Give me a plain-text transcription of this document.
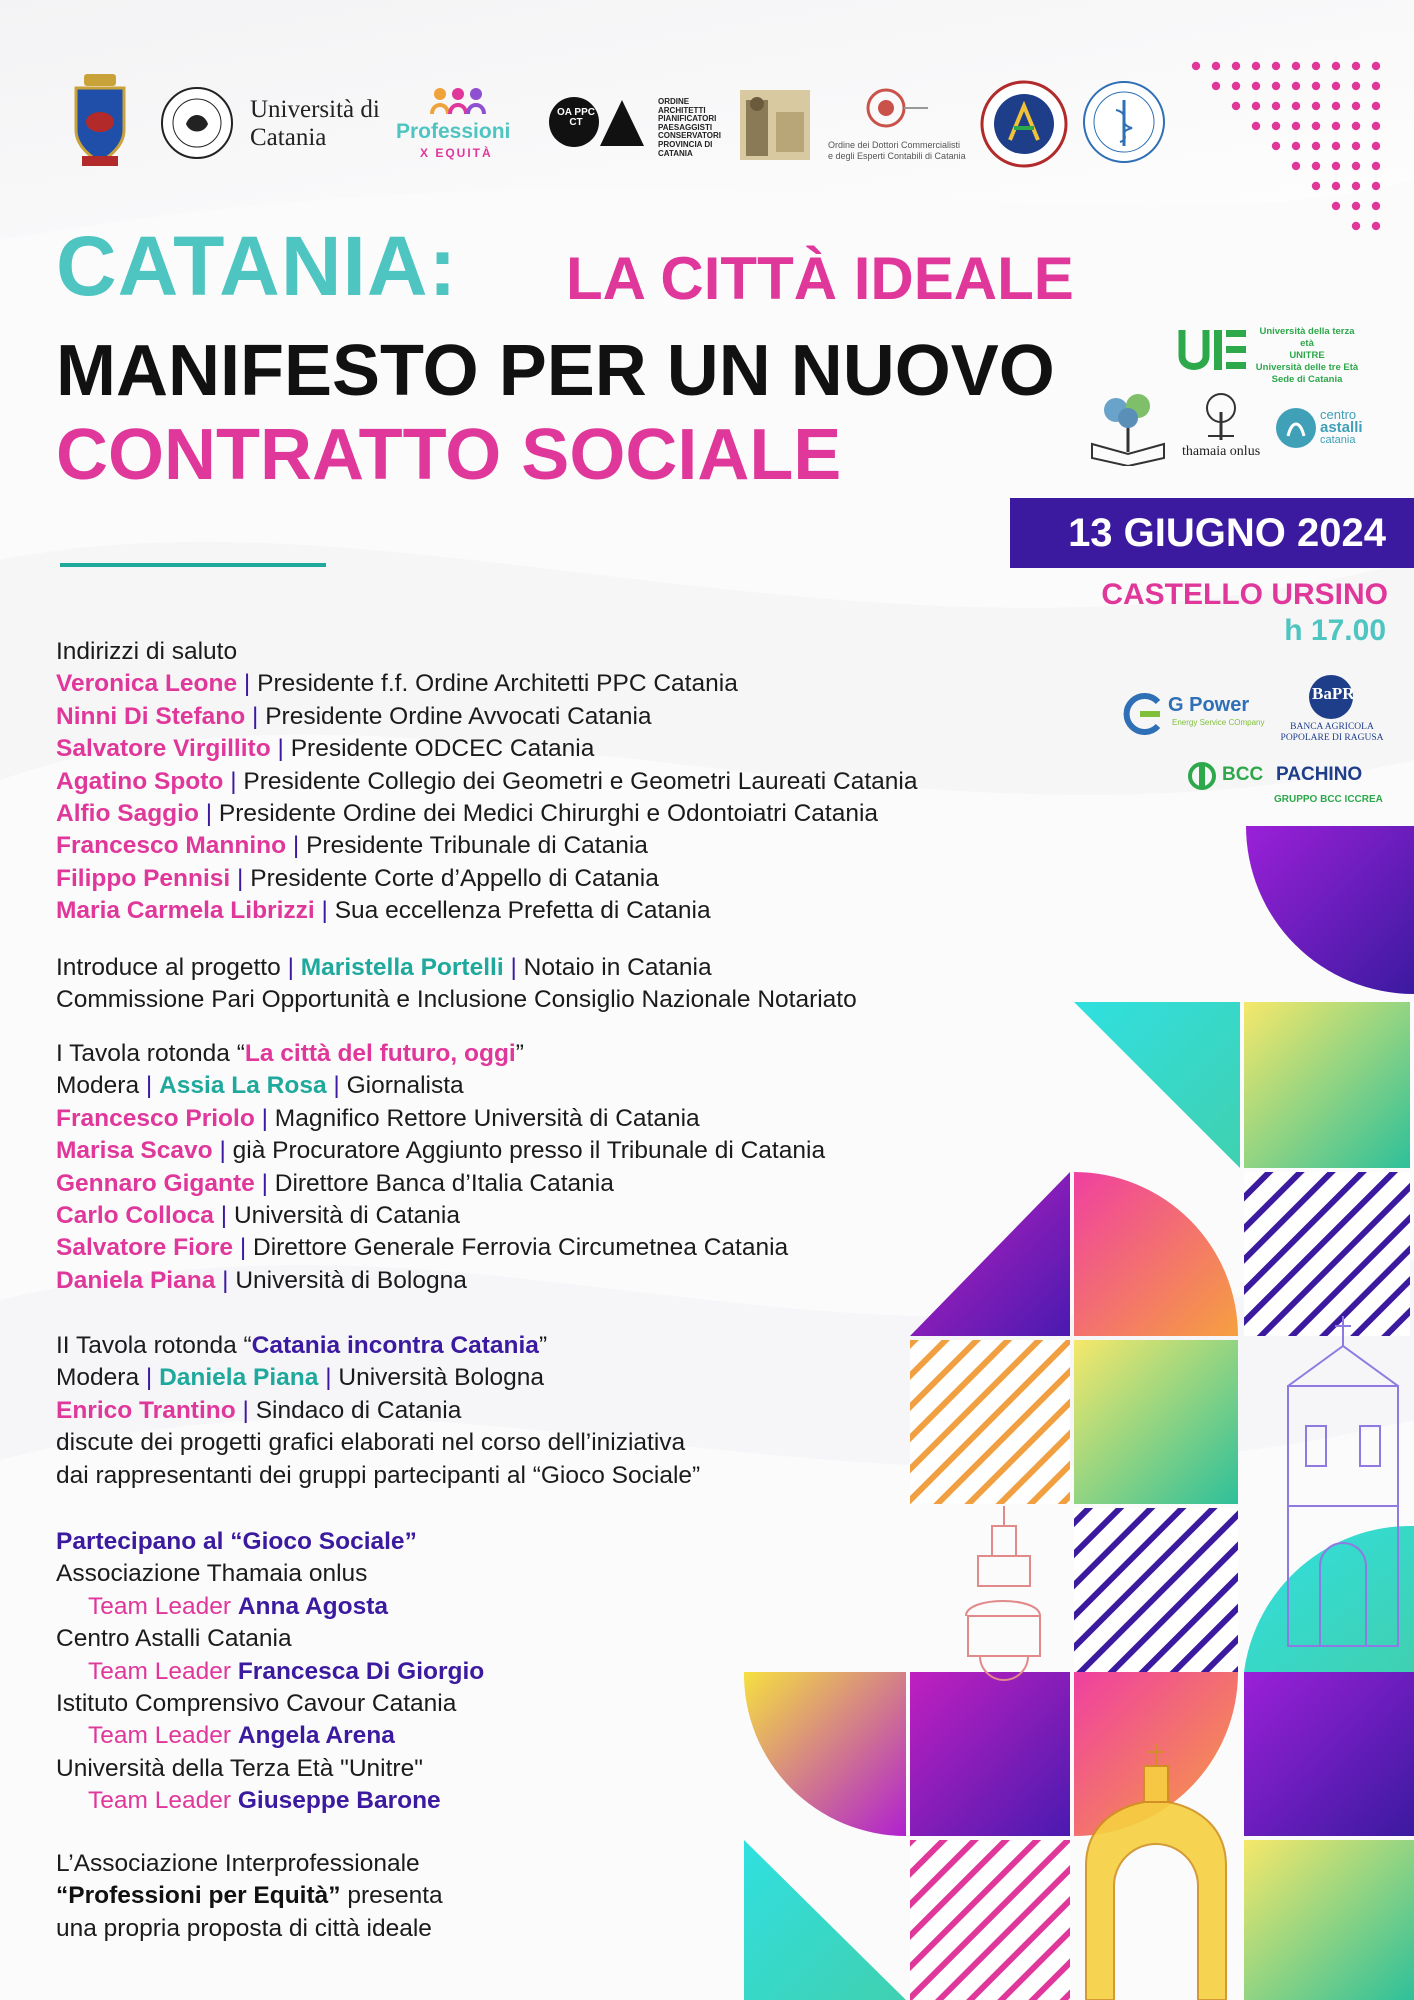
Università di Catania	Professioni
X EQUITÀ
OA PPC CT
ORDINE
ARCHITETTI
PIANIFICATORI
PAESAGGISTI
CONSERVATORI
PROVINCIA DI
CATANIA
Ordine dei Dottori Commercialisti
e degli Esperti Contabili di Catania
CATANIA: LA CITTÀ IDEALE
MANIFESTO PER UN NUOVO
CONTRATTO SOCIALE
Università della terza età
UNITRE
Università delle tre Età
Sede di Catania
thamaia onlus
centro
astalli
catania
13 GIUGNO 2024
CASTELLO URSINO
h 17.00
G Power
Energy Service COmpany
BaPR
BANCA AGRICOLA
POPOLARE DI RAGUSA
BCC PACHINO
GRUPPO BCC ICCREA
Indirizzi di saluto
Veronica Leone | Presidente f.f. Ordine Architetti PPC Catania
Ninni Di Stefano | Presidente Ordine Avvocati Catania
Salvatore Virgillito | Presidente ODCEC Catania
Agatino Spoto | Presidente Collegio dei Geometri e Geometri Laureati Catania
Alfio Saggio | Presidente Ordine dei Medici Chirurghi e Odontoiatri Catania
Francesco Mannino | Presidente Tribunale di Catania
Filippo Pennisi | Presidente Corte d’Appello di Catania
Maria Carmela Librizzi | Sua eccellenza Prefetta di Catania
Introduce al progetto | Maristella Portelli | Notaio in Catania
Commissione Pari Opportunità e Inclusione Consiglio Nazionale Notariato
I Tavola rotonda “La città del futuro, oggi”
Modera | Assia La Rosa | Giornalista
Francesco Priolo | Magnifico Rettore Università di Catania
Marisa Scavo | già Procuratore Aggiunto presso il Tribunale di Catania
Gennaro Gigante | Direttore Banca d’Italia Catania
Carlo Colloca | Università di Catania
Salvatore Fiore | Direttore Generale Ferrovia Circumetnea Catania
Daniela Piana | Università di Bologna
II Tavola rotonda “Catania incontra Catania”
Modera | Daniela Piana | Università Bologna
Enrico Trantino | Sindaco di Catania
discute dei progetti grafici elaborati nel corso dell’iniziativa
dai rappresentanti dei gruppi partecipanti al “Gioco Sociale”
Partecipano al “Gioco Sociale”
Associazione Thamaia onlus
Team Leader Anna Agosta
Centro Astalli Catania
Team Leader Francesca Di Giorgio
Istituto Comprensivo Cavour Catania
Team Leader Angela Arena
Università della Terza Età "Unitre"
Team Leader Giuseppe Barone
L’Associazione Interprofessionale
“Professioni per Equità” presenta
una propria proposta di città ideale
